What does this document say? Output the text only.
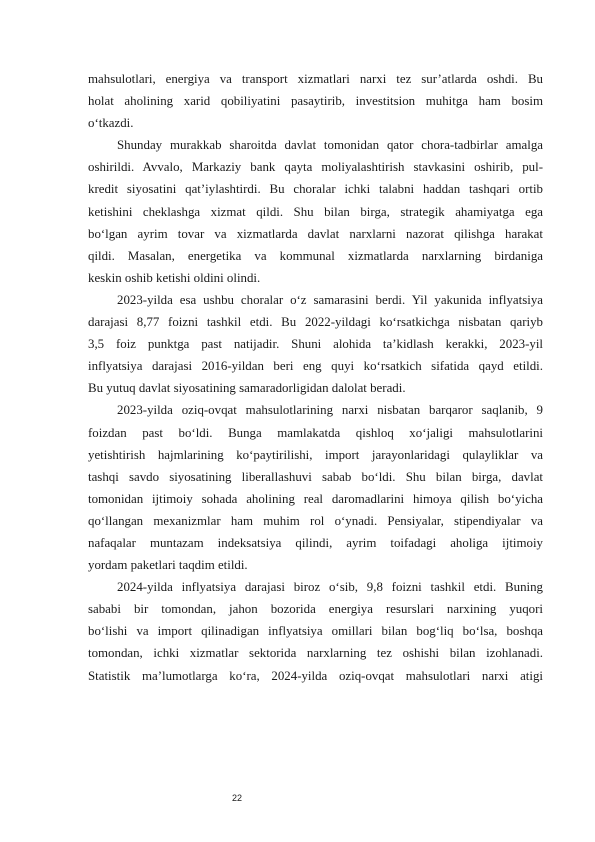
mahsulotlari, energiya va transport xizmatlari narxi tez sur’atlarda oshdi. Bu
holat aholining xarid qobiliyatini pasaytirib, investitsion muhitga ham bosim
o‘tkazdi.
Shunday murakkab sharoitda davlat tomonidan qator chora-tadbirlar amalga
oshirildi. Avvalo, Markaziy bank qayta moliyalashtirish stavkasini oshirib, pul-
kredit siyosatini qat’iylashtirdi. Bu choralar ichki talabni haddan tashqari ortib
ketishini cheklashga xizmat qildi. Shu bilan birga, strategik ahamiyatga ega
bo‘lgan ayrim tovar va xizmatlarda davlat narxlarni nazorat qilishga harakat
qildi. Masalan, energetika va kommunal xizmatlarda narxlarning birdaniga
keskin oshib ketishi oldini olindi.
2023-yilda esa ushbu choralar o‘z samarasini berdi. Yil yakunida inflyatsiya
darajasi 8,77 foizni tashkil etdi. Bu 2022-yildagi ko‘rsatkichga nisbatan qariyb
3,5 foiz punktga past natijadir. Shuni alohida ta’kidlash kerakki, 2023-yil
inflyatsiya darajasi 2016-yildan beri eng quyi ko‘rsatkich sifatida qayd etildi.
Bu yutuq davlat siyosatining samaradorligidan dalolat beradi.
2023-yilda oziq-ovqat mahsulotlarining narxi nisbatan barqaror saqlanib, 9
foizdan past bo‘ldi. Bunga mamlakatda qishloq xo‘jaligi mahsulotlarini
yetishtirish hajmlarining ko‘paytirilishi, import jarayonlaridagi qulayliklar va
tashqi savdo siyosatining liberallashuvi sabab bo‘ldi. Shu bilan birga, davlat
tomonidan ijtimoiy sohada aholining real daromadlarini himoya qilish bo‘yicha
qo‘llangan mexanizmlar ham muhim rol o‘ynadi. Pensiyalar, stipendiyalar va
nafaqalar muntazam indeksatsiya qilindi, ayrim toifadagi aholiga ijtimoiy
yordam paketlari taqdim etildi.
2024-yilda inflyatsiya darajasi biroz o‘sib, 9,8 foizni tashkil etdi. Buning
sababi bir tomondan, jahon bozorida energiya resurslari narxining yuqori
bo‘lishi va import qilinadigan inflyatsiya omillari bilan bog‘liq bo‘lsa, boshqa
tomondan, ichki xizmatlar sektorida narxlarning tez oshishi bilan izohlanadi.
Statistik ma’lumotlarga ko‘ra, 2024-yilda oziq-ovqat mahsulotlari narxi atigi
22
